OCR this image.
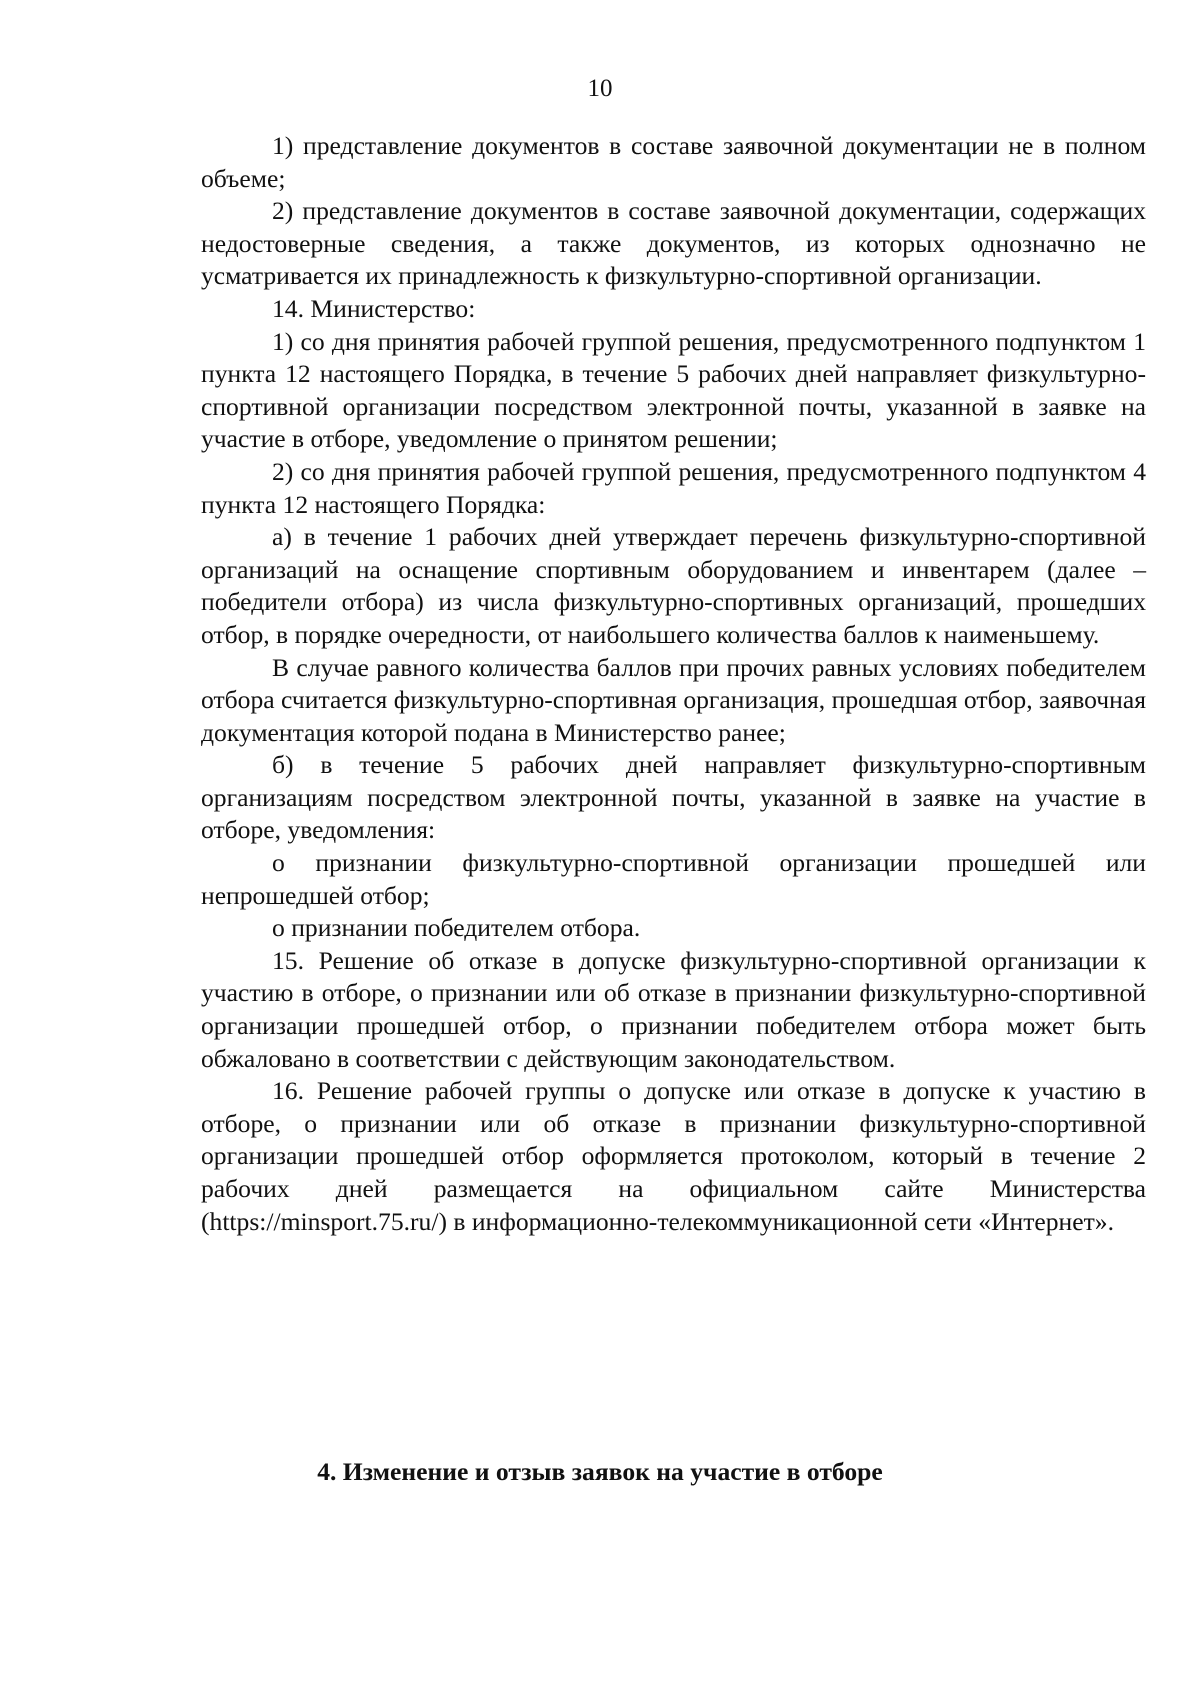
10

1) представление документов в составе заявочной документации не в полном объеме;

2) представление документов в составе заявочной документации, содержащих недостоверные сведения, а также документов, из которых однозначно не усматривается их принадлежность к физкультурно-спортивной организации.

14. Министерство:

1) со дня принятия рабочей группой решения, предусмотренного подпунктом 1 пункта 12 настоящего Порядка, в течение 5 рабочих дней направляет физкультурно-спортивной организации посредством электронной почты, указанной в заявке на участие в отборе, уведомление о принятом решении;

2) со дня принятия рабочей группой решения, предусмотренного подпунктом 4 пункта 12 настоящего Порядка:

а) в течение 1 рабочих дней утверждает перечень физкультурно-спортивной организаций на оснащение спортивным оборудованием и инвентарем (далее – победители отбора) из числа физкультурно-спортивных организаций, прошедших отбор, в порядке очередности, от наибольшего количества баллов к наименьшему.

В случае равного количества баллов при прочих равных условиях победителем отбора считается физкультурно-спортивная организация, прошедшая отбор, заявочная документация которой подана в Министерство ранее;

б) в течение 5 рабочих дней направляет физкультурно-спортивным организациям посредством электронной почты, указанной в заявке на участие в отборе, уведомления:

о признании физкультурно-спортивной организации прошедшей или непрошедшей отбор;

о признании победителем отбора.

15. Решение об отказе в допуске физкультурно-спортивной организации к участию в отборе, о признании или об отказе в признании физкультурно-спортивной организации прошедшей отбор, о признании победителем отбора может быть обжаловано в соответствии с действующим законодательством.

16. Решение рабочей группы о допуске или отказе в допуске к участию в отборе, о признании или об отказе в признании физкультурно-спортивной организации прошедшей отбор оформляется протоколом, который в течение 2 рабочих дней размещается на официальном сайте Министерства (https://minsport.75.ru/) в информационно-телекоммуникационной сети «Интернет».

4. Изменение и отзыв заявок на участие в отборе
